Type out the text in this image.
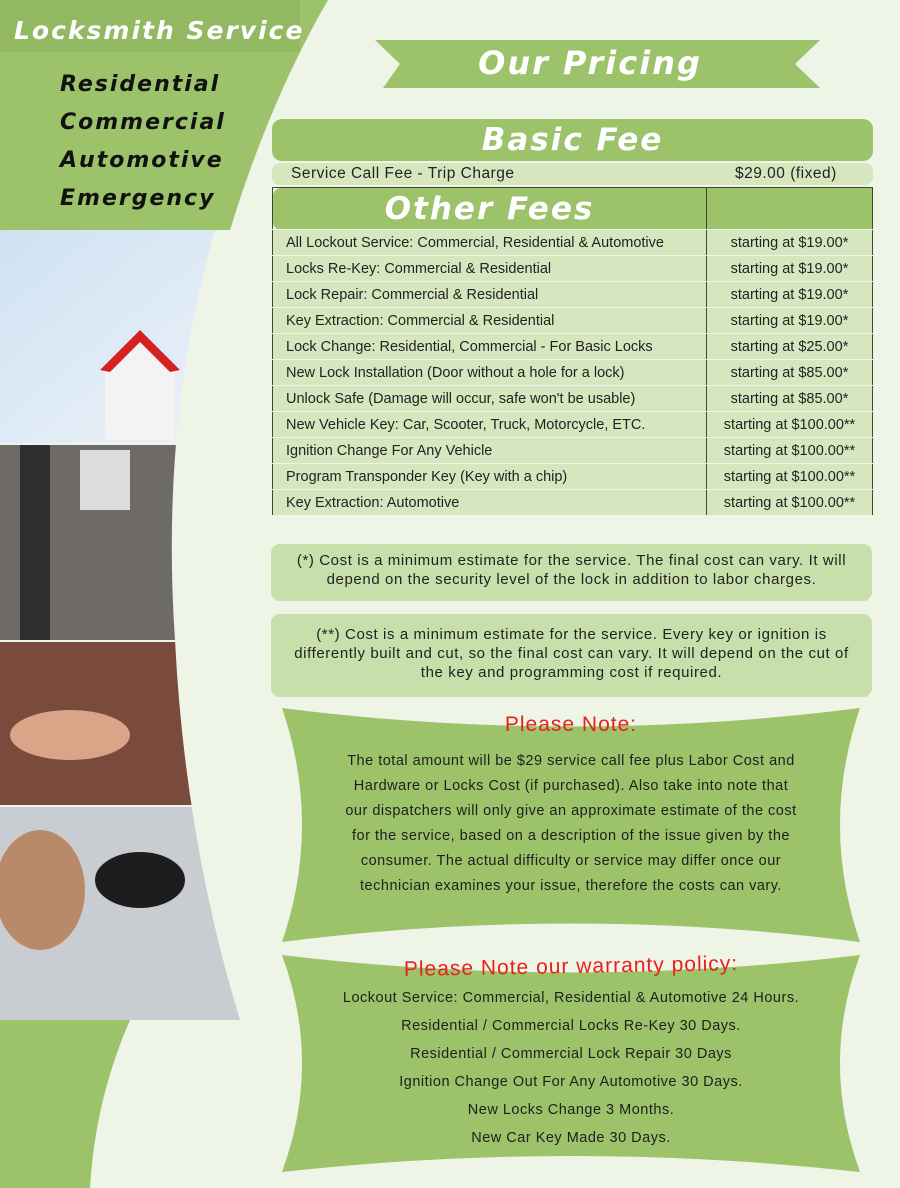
Locksmith Service
Residential
Commercial
Automotive
Emergency
Our Pricing
Basic Fee
Service Call Fee - Trip Charge	$29.00 (fixed)
Other Fees	
All Lockout Service: Commercial, Residential & Automotive	starting at $19.00*
Locks Re-Key: Commercial & Residential	starting at $19.00*
Lock Repair: Commercial & Residential	starting at $19.00*
Key Extraction: Commercial & Residential	starting at $19.00*
Lock Change: Residential, Commercial - For Basic Locks	starting at $25.00*
New Lock Installation (Door without a hole for a lock)	starting at $85.00*
Unlock Safe (Damage will occur, safe won't be usable)	starting at $85.00*
New Vehicle Key: Car, Scooter, Truck, Motorcycle, ETC.	starting at $100.00**
Ignition Change For Any Vehicle	starting at $100.00**
Program Transponder Key (Key with a chip)	starting at $100.00**
Key Extraction: Automotive	starting at $100.00**
(*) Cost is a minimum estimate for the service. The final cost can vary. It will depend on the security level of the lock in addition to labor charges.
(**) Cost is a minimum estimate for the service. Every key or ignition is differently built and cut, so the final cost can vary. It will depend on the cut of the key and programming cost if required.
Please Note:
The total amount will be $29 service call fee plus Labor Cost and
Hardware or Locks Cost (if purchased). Also take into note that
our dispatchers will only give an approximate estimate of the cost
for the service, based on a description of the issue given by the
consumer. The actual difficulty or service may differ once our
technician examines your issue, therefore the costs can vary.
Please Note our warranty policy:
Lockout Service: Commercial, Residential & Automotive 24 Hours.
Residential / Commercial Locks Re-Key 30 Days.
Residential / Commercial Lock Repair 30 Days
Ignition Change Out For Any Automotive 30 Days.
New Locks Change 3 Months.
New Car Key Made 30 Days.
